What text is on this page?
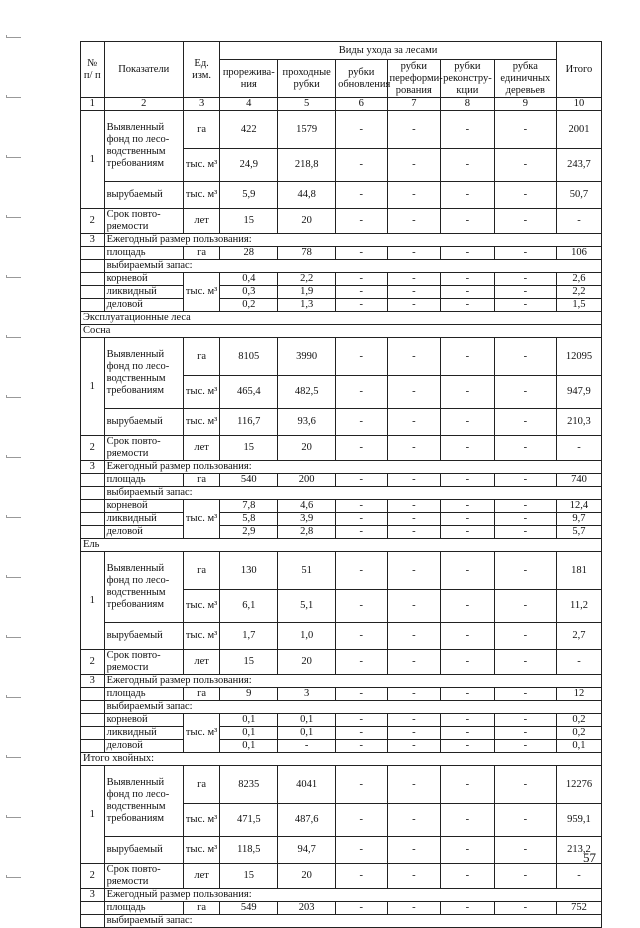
№ п/ п	Показатели	Ед. изм.	Виды ухода за лесами						Итого
			прорежива- ния	проходные рубки	рубки обновления	рубки переформи- рования	рубки реконстру- кции	рубка единичных деревьев	
1	2	3	4	5	6	7	8	9	10
1	Выявленный фонд по лесо- водственным требованиям	га	422	1579	-	-	-	-	2001
		тыс. м³	24,9	218,8	-	-	-	-	243,7
	вырубаемый	тыс. м³	5,9	44,8	-	-	-	-	50,7
2	Срок повто- ряемости	лет	15	20	-	-	-	-	-
3	Ежегодный размер пользования:								
	площадь	га	28	78	-	-	-	-	106
	выбираемый запас:								
	корневой	тыс. м³	0,4	2,2	-	-	-	-	2,6
	ликвидный		0,3	1,9	-	-	-	-	2,2
	деловой		0,2	1,3	-	-	-	-	1,5
Эксплуатационные леса									
Сосна									
1	Выявленный фонд по лесо- водственным требованиям	га	8105	3990	-	-	-	-	12095
		тыс. м³	465,4	482,5	-	-	-	-	947,9
	вырубаемый	тыс. м³	116,7	93,6	-	-	-	-	210,3
2	Срок повто- ряемости	лет	15	20	-	-	-	-	-
3	Ежегодный размер пользования:								
	площадь	га	540	200	-	-	-	-	740
	выбираемый запас:								
	корневой	тыс. м³	7,8	4,6	-	-	-	-	12,4
	ликвидный		5,8	3,9	-	-	-	-	9,7
	деловой		2,9	2,8	-	-	-	-	5,7
Ель									
1	Выявленный фонд по лесо- водственным требованиям	га	130	51	-	-	-	-	181
		тыс. м³	6,1	5,1	-	-	-	-	11,2
	вырубаемый	тыс. м³	1,7	1,0	-	-	-	-	2,7
2	Срок повто- ряемости	лет	15	20	-	-	-	-	-
3	Ежегодный размер пользования:								
	площадь	га	9	3	-	-	-	-	12
	выбираемый запас:								
	корневой	тыс. м³	0,1	0,1	-	-	-	-	0,2
	ликвидный		0,1	0,1	-	-	-	-	0,2
	деловой		0,1	-	-	-	-	-	0,1
Итого хвойных:									
1	Выявленный фонд по лесо- водственным требованиям	га	8235	4041	-	-	-	-	12276
		тыс. м³	471,5	487,6	-	-	-	-	959,1
	вырубаемый	тыс. м³	118,5	94,7	-	-	-	-	213,2
2	Срок повто- ряемости	лет	15	20	-	-	-	-	-
3	Ежегодный размер пользования:								
	площадь	га	549	203	-	-	-	-	752
	выбираемый запас:								
57
